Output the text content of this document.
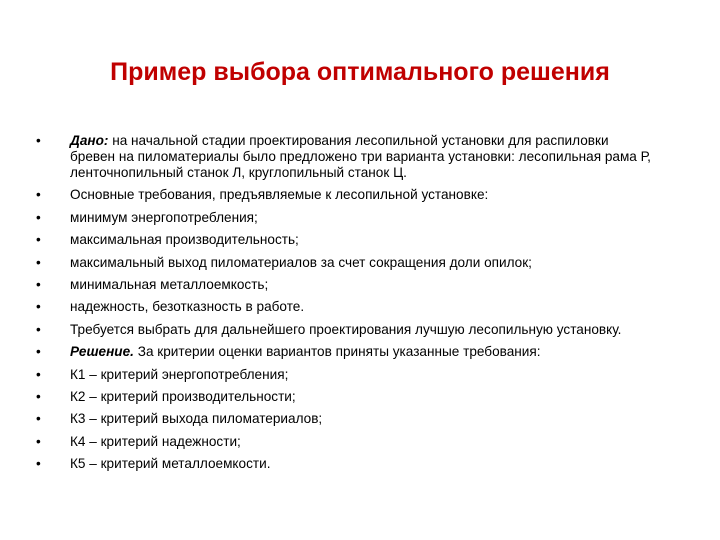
Пример выбора оптимального решения
•	Дано: на начальной стадии проектирования лесопильной установки для распиловки бревен на пиломатериалы было предложено три варианта установки: лесопильная рама Р, ленточнопильный станок Л, круглопильный станок Ц.
•	Основные требования, предъявляемые к лесопильной установке:
•	минимум энергопотребления;
•	максимальная производительность;
•	максимальный выход пиломатериалов за счет сокращения доли опилок;
•	минимальная металлоемкость;
•	надежность, безотказность в работе.
•	Требуется выбрать для дальнейшего проектирования лучшую лесопильную установку.
•	Решение. За критерии оценки вариантов приняты указанные требования:
•	К1 – критерий энергопотребления;
•	К2 – критерий производительности;
•	К3 – критерий выхода пиломатериалов;
•	К4 – критерий надежности;
•	К5 – критерий металлоемкости.
